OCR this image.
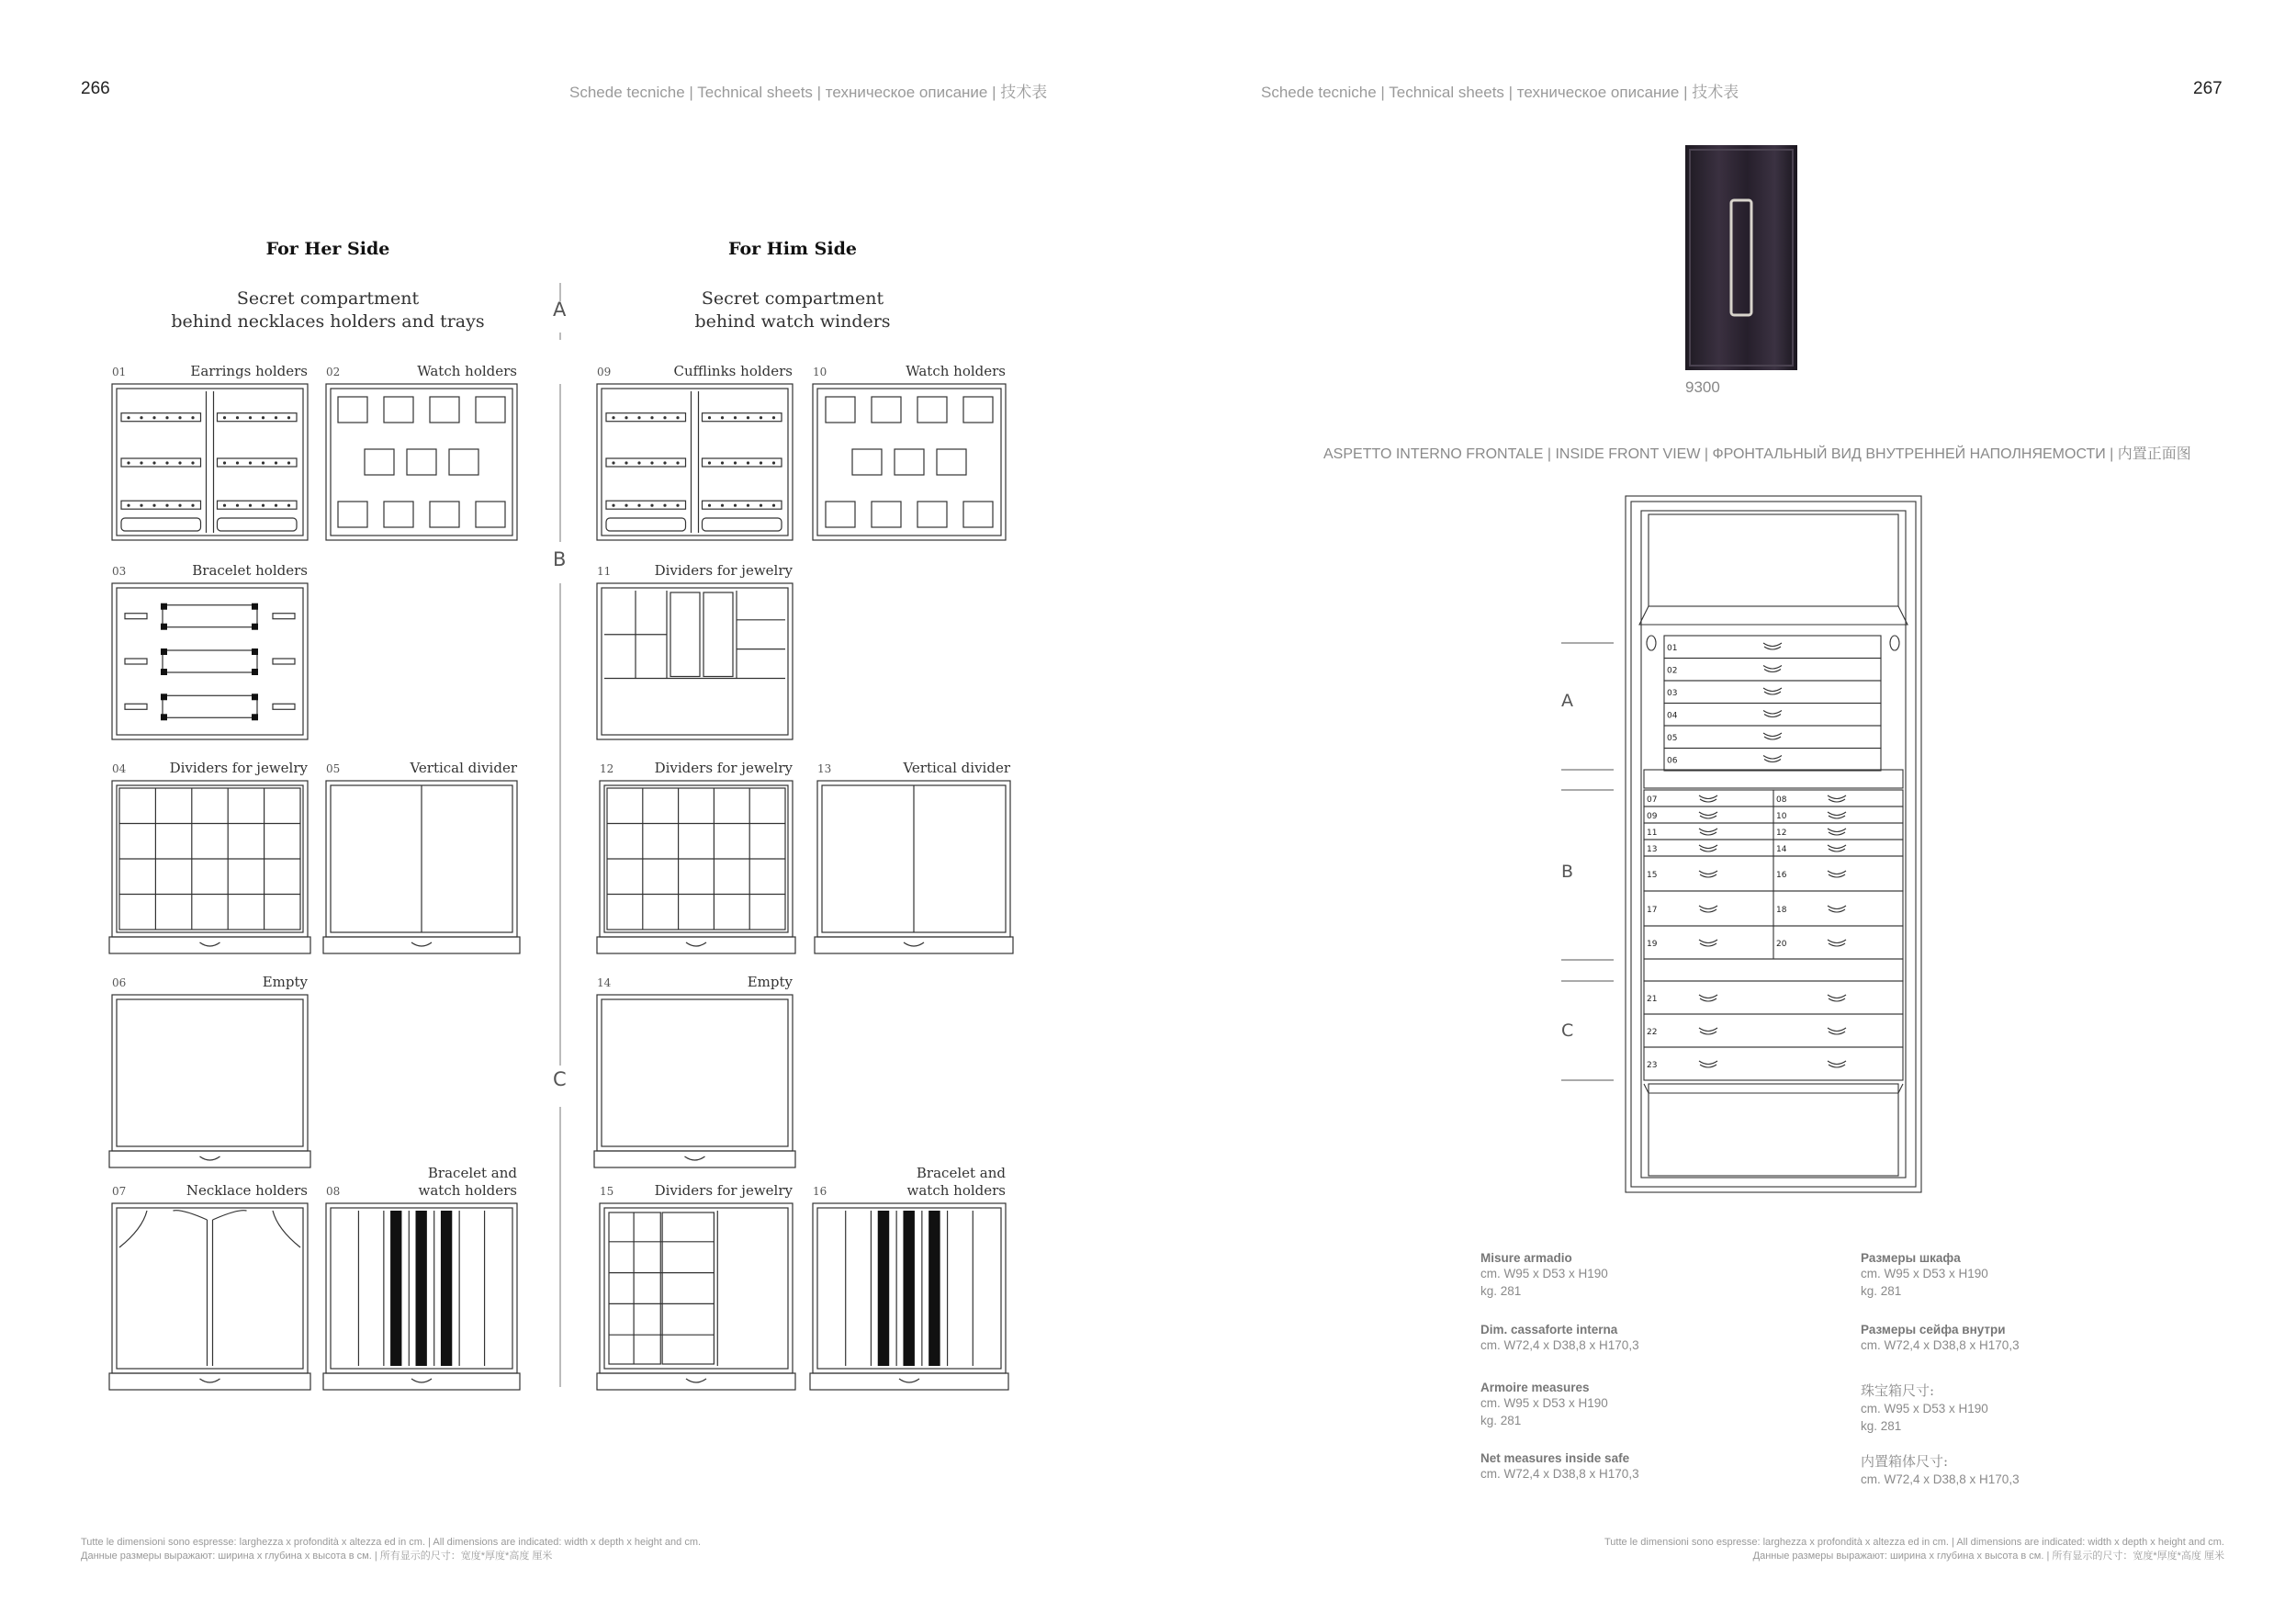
266	Schede tecniche | Technical sheets | техническое описание | 技术表
For Her Side	For Him Side
Secret compartment
behind necklaces holders and trays
Secret compartment
behind watch winders
A
B
C
01	Earrings holders 02	Watch holders
03	Bracelet holders
04	Dividers for jewelry 05	Vertical divider
06	Empty
07	Necklace holders 08
Bracelet and
watch holders
09	Cufflinks holders 10	Watch holders
11	Dividers for jewelry
12	Dividers for jewelry 13	Vertical divider
14	Empty
15	Dividers for jewelry 16
Bracelet and
watch holders
Tutte le dimensioni sono espresse: larghezza x profondità x altezza ed in cm. | All dimensions are indicated: width x depth x height and cm.
Данные размеры выражают: ширина х глубина х высота в см. | 所有显示的尺寸：宽度*厚度*高度 厘米
Schede tecniche | Technical sheets | техническое описание | 技术表	267
9300
ASPETTO INTERNO FRONTALE | INSIDE FRONT VIEW | ФРОНТАЛЬНЫЙ ВИД ВНУТРЕННЕЙ НАПОЛНЯЕМОСТИ | 内置正面图
01
02
03
04
05
06
07	08
09	10
11	12
13	14
15	16
17	18
19	20
21
22
23
A
B
C
Misure armadio
cm. W95 x D53 x H190
kg. 281
Dim. cassaforte interna
cm. W72,4 x D38,8 x H170,3
Armoire measures
cm. W95 x D53 x H190
kg. 281
Net measures inside safe
cm. W72,4 x D38,8 x H170,3
Размеры шкафа
cm. W95 x D53 x H190
kg. 281
Размеры сейфа внутри
cm. W72,4 x D38,8 x H170,3
珠宝箱尺寸:
cm. W95 x D53 x H190
kg. 281
内置箱体尺寸:
cm. W72,4 x D38,8 x H170,3
Tutte le dimensioni sono espresse: larghezza x profondità x altezza ed in cm. | All dimensions are indicated: width x depth x height and cm.
Данные размеры выражают: ширина х глубина х высота в см. | 所有显示的尺寸：宽度*厚度*高度 厘米
